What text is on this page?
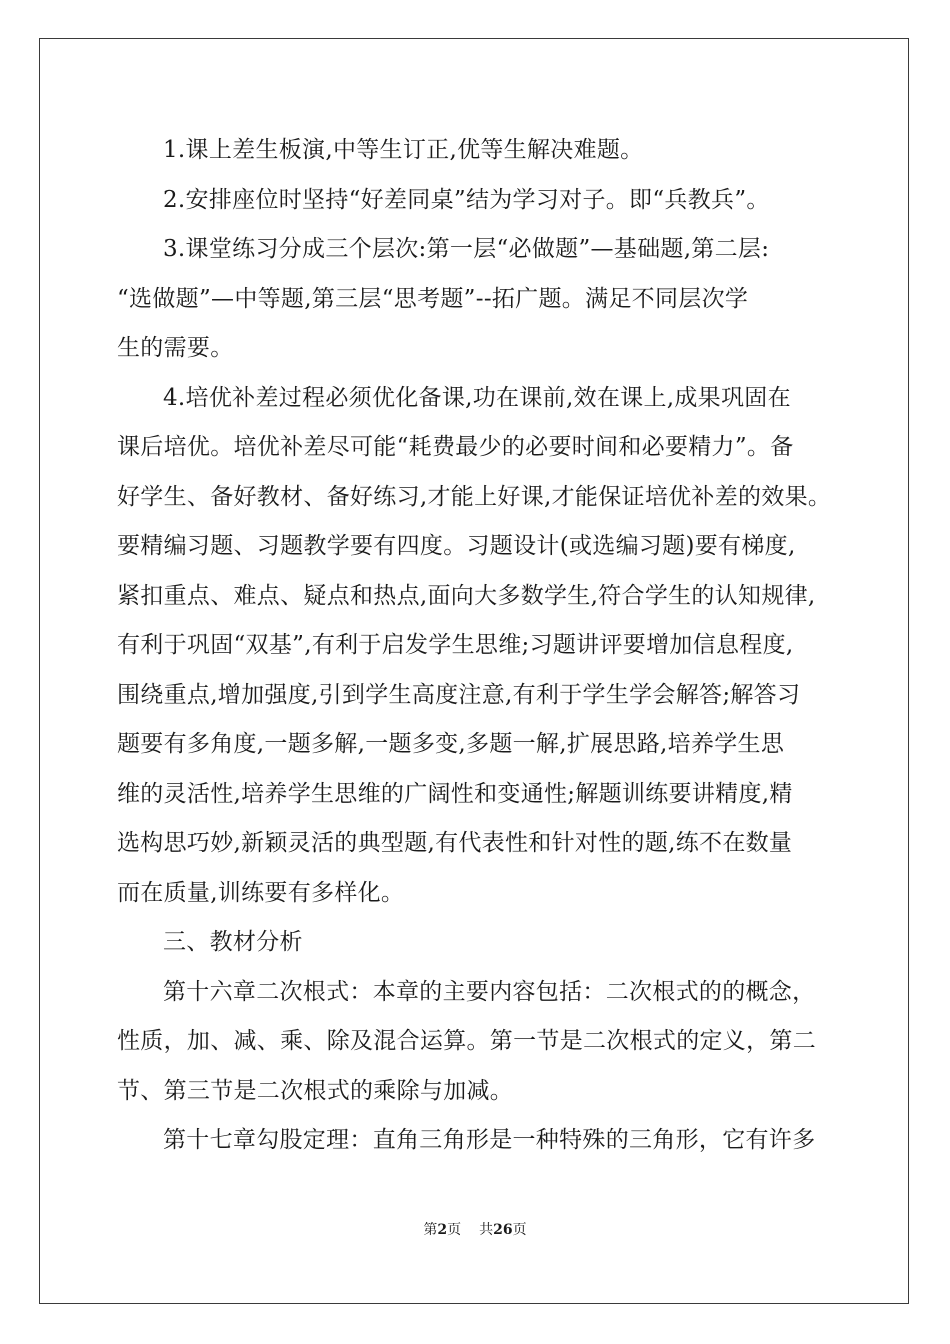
1.课上差生板演,中等生订正,优等生解决难题。

2.安排座位时坚持“好差同桌”结为学习对子。即“兵教兵”。

3.课堂练习分成三个层次:第一层“必做题”—基础题,第二层:
“选做题”—中等题,第三层“思考题”--拓广题。满足不同层次学
生的需要。

4.培优补差过程必须优化备课,功在课前,效在课上,成果巩固在
课后培优。培优补差尽可能“耗费最少的必要时间和必要精力”。备
好学生、备好教材、备好练习,才能上好课,才能保证培优补差的效果。
要精编习题、习题教学要有四度。习题设计(或选编习题)要有梯度,
紧扣重点、难点、疑点和热点,面向大多数学生,符合学生的认知规律,
有利于巩固“双基”,有利于启发学生思维;习题讲评要增加信息程度,
围绕重点,增加强度,引到学生高度注意,有利于学生学会解答;解答习
题要有多角度,一题多解,一题多变,多题一解,扩展思路,培养学生思
维的灵活性,培养学生思维的广阔性和变通性;解题训练要讲精度,精
选构思巧妙,新颖灵活的典型题,有代表性和针对性的题,练不在数量
而在质量,训练要有多样化。

三、教材分析

第十六章二次根式：本章的主要内容包括：二次根式的的概念，
性质，加、减、乘、除及混合运算。第一节是二次根式的定义，第二
节、第三节是二次根式的乘除与加减。

第十七章勾股定理：直角三角形是一种特殊的三角形，它有许多

第2页 共26页
